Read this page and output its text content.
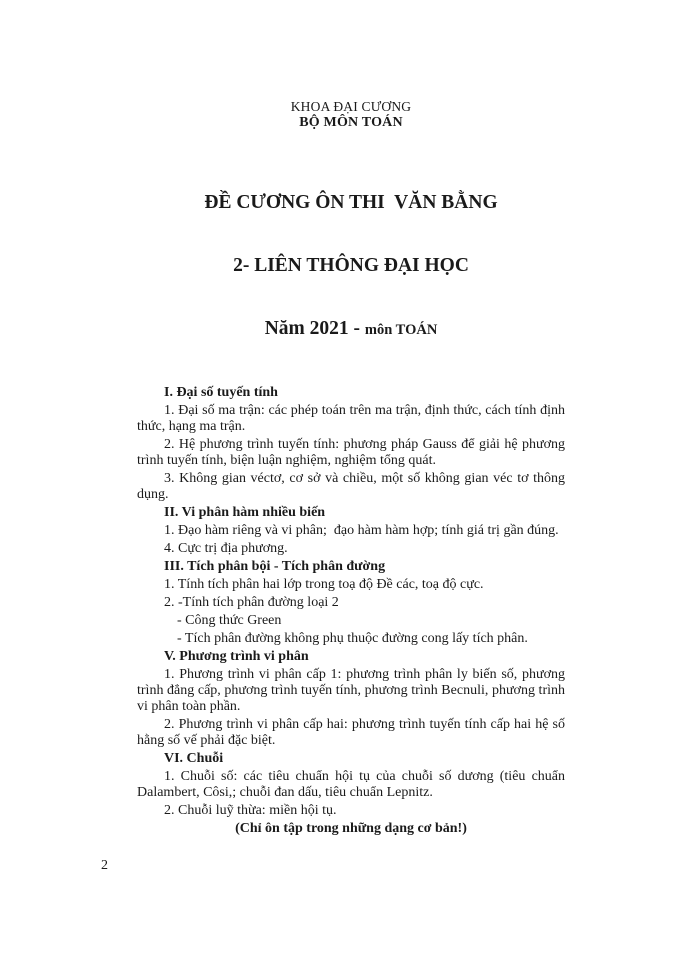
KHOA ĐẠI CƯƠNG
BỘ MÔN TOÁN

ĐỀ CƯƠNG ÔN THI  VĂN BẰNG

2- LIÊN THÔNG ĐẠI HỌC

Năm 2021 - môn TOÁN

I. Đại số tuyến tính
1. Đại số ma trận: các phép toán trên ma trận, định thức, cách tính định thức, hạng ma trận.
2. Hệ phương trình tuyến tính: phương pháp Gauss để giải hệ phương trình tuyến tính, biện luận nghiệm, nghiệm tổng quát.
3. Không gian véctơ, cơ sở và chiều, một số không gian véc tơ thông dụng.
II. Vi phân hàm nhiều biến
1. Đạo hàm riêng và vi phân;  đạo hàm hàm hợp; tính giá trị gần đúng.
4. Cực trị địa phương.
III. Tích phân bội - Tích phân đường
1. Tính tích phân hai lớp trong toạ độ Đề các, toạ độ cực.
2. -Tính tích phân đường loại 2
- Công thức Green
- Tích phân đường không phụ thuộc đường cong lấy tích phân.
V. Phương trình vi phân
1. Phương trình vi phân cấp 1: phương trình phân ly biến số, phương trình đẳng cấp, phương trình tuyến tính, phương trình Becnuli, phương trình vi phân toàn phần.
2. Phương trình vi phân cấp hai: phương trình tuyến tính cấp hai hệ số hằng số vế phải đặc biệt.
VI. Chuỗi
1. Chuỗi số: các tiêu chuẩn hội tụ của chuỗi số dương (tiêu chuẩn Dalambert, Côsi,; chuỗi đan dấu, tiêu chuẩn Lepnitz.
2. Chuỗi luỹ thừa: miền hội tụ.
(Chỉ ôn tập trong những dạng cơ bản!)
2
